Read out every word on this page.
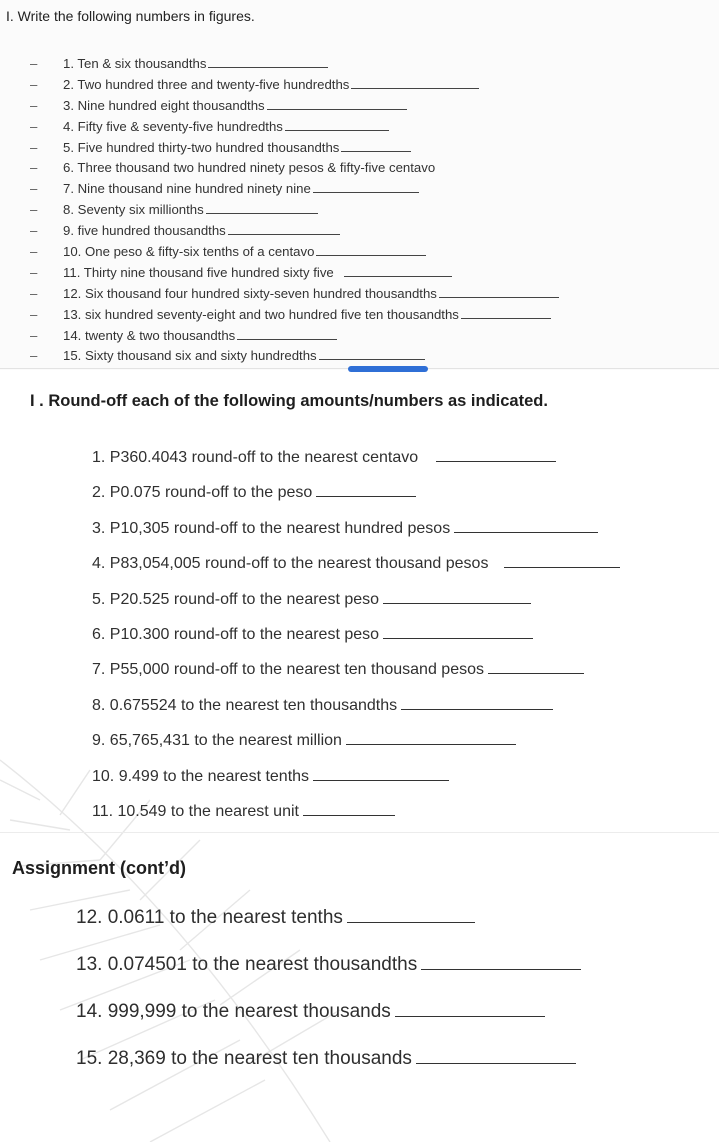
I. Write the following numbers in figures.
–	1. Ten & six thousandths
–	2. Two hundred three and twenty-five hundredths
–	3. Nine hundred eight thousandths
–	4. Fifty five & seventy-five hundredths
–	5. Five hundred thirty-two hundred thousandths
–	6. Three thousand two hundred ninety pesos & fifty-five centavo
–	7. Nine thousand nine hundred ninety nine
–	8. Seventy six millionths
–	9. five hundred thousandths
–	10. One peso & fifty-six tenths of a centavo
–	11. Thirty nine thousand five hundred sixty five
–	12. Six thousand four hundred sixty-seven hundred thousandths
–	13. six hundred seventy-eight and two hundred five ten thousandths
–	14. twenty & two thousandths
–	15. Sixty thousand six and sixty hundredths
I . Round-off each of the following amounts/numbers as indicated.
1. P360.4043 round-off to the nearest centavo
2. P0.075 round-off to the peso
3. P10,305 round-off to the nearest hundred pesos
4. P83,054,005 round-off to the nearest thousand pesos
5. P20.525 round-off to the nearest peso
6. P10.300 round-off to the nearest peso
7. P55,000 round-off to the nearest ten thousand pesos
8. 0.675524 to the nearest ten thousandths
9. 65,765,431 to the nearest million
10. 9.499 to the nearest tenths
11. 10.549 to the nearest unit
Assignment (cont’d)
12. 0.0611 to the nearest tenths
13. 0.074501 to the nearest thousandths
14. 999,999 to the nearest thousands
15. 28,369 to the nearest ten thousands
